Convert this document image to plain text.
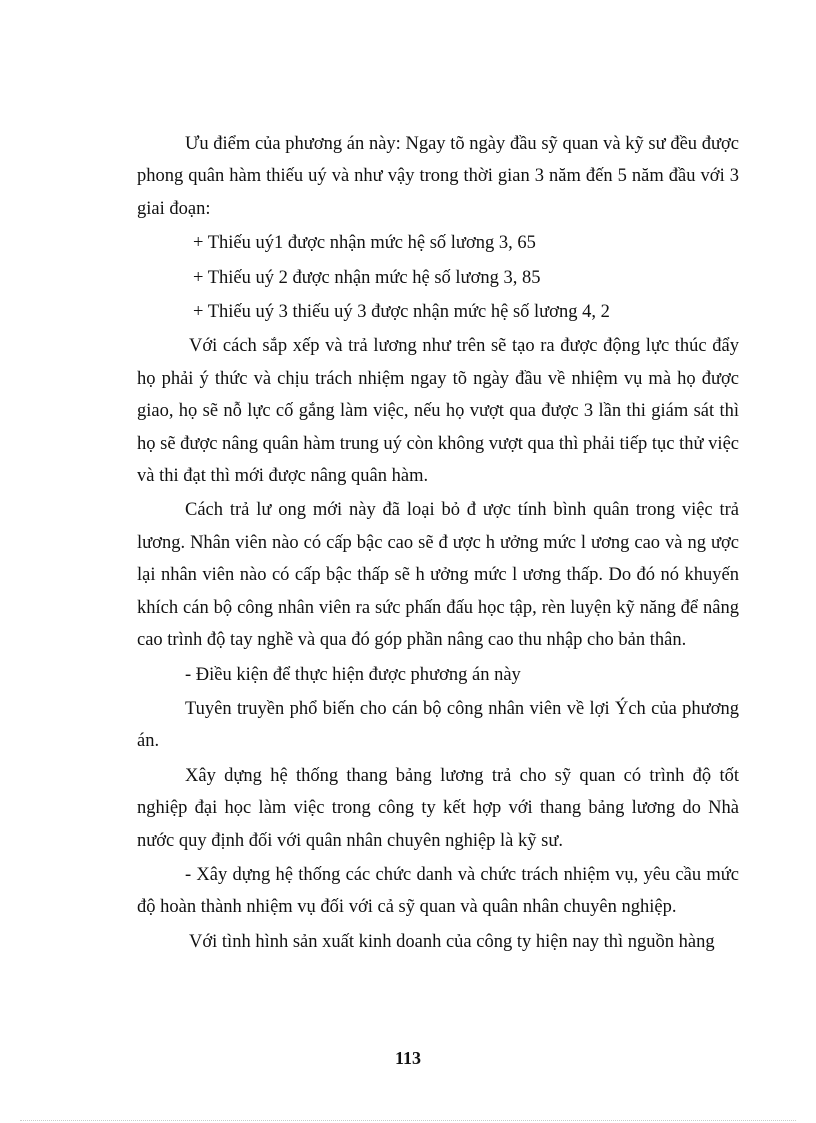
Ưu điểm của phương án này: Ngay tõ ngày đầu sỹ quan và kỹ sư đều được phong quân hàm thiếu uý và như vậy trong thời gian 3 năm đến 5 năm đầu với 3 giai đoạn:

+ Thiếu uý1 được nhận mức hệ số lương 3, 65

+ Thiếu uý 2 được nhận mức hệ số lương 3, 85

+ Thiếu uý 3 thiếu uý 3 được nhận mức hệ số lương 4, 2

Với cách sắp xếp và trả lương như trên sẽ tạo ra được động lực thúc đẩy họ phải ý thức và chịu trách nhiệm ngay tõ ngày đầu về nhiệm vụ mà họ được giao, họ sẽ nỗ lực cố gắng làm việc, nếu họ vượt qua được 3 lần thi giám sát thì họ sẽ được nâng quân hàm trung uý còn không vượt qua thì phải tiếp tục thử việc và thi đạt thì mới được nâng quân hàm.

Cách trả lư ong mới này đã loại bỏ đ ược tính bình quân trong việc trả lương. Nhân viên nào có cấp bậc cao sẽ đ ược h ưởng mức l ương cao và ng ược lại nhân viên nào có cấp bậc thấp sẽ h ưởng mức l ương thấp. Do đó nó khuyến khích cán bộ công nhân viên ra sức phấn đấu học tập, rèn luyện kỹ năng để nâng cao trình độ tay nghề và qua đó góp phần nâng cao thu nhập cho bản thân.

- Điều kiện để thực hiện được phương án này

Tuyên truyền phổ biến cho cán bộ công nhân viên về lợi Ých của phương án.

Xây dựng hệ thống thang bảng lương trả cho sỹ quan có trình độ tốt nghiệp đại học làm việc trong công ty kết hợp với thang bảng lương do Nhà nước quy định đối với quân nhân chuyên nghiệp là kỹ sư.

- Xây dựng hệ thống các chức danh và chức trách nhiệm vụ, yêu cầu mức độ hoàn thành nhiệm vụ đối với cả sỹ quan và quân nhân chuyên nghiệp.

Với tình hình sản xuất kinh doanh của công ty hiện nay thì nguồn hàng

113
